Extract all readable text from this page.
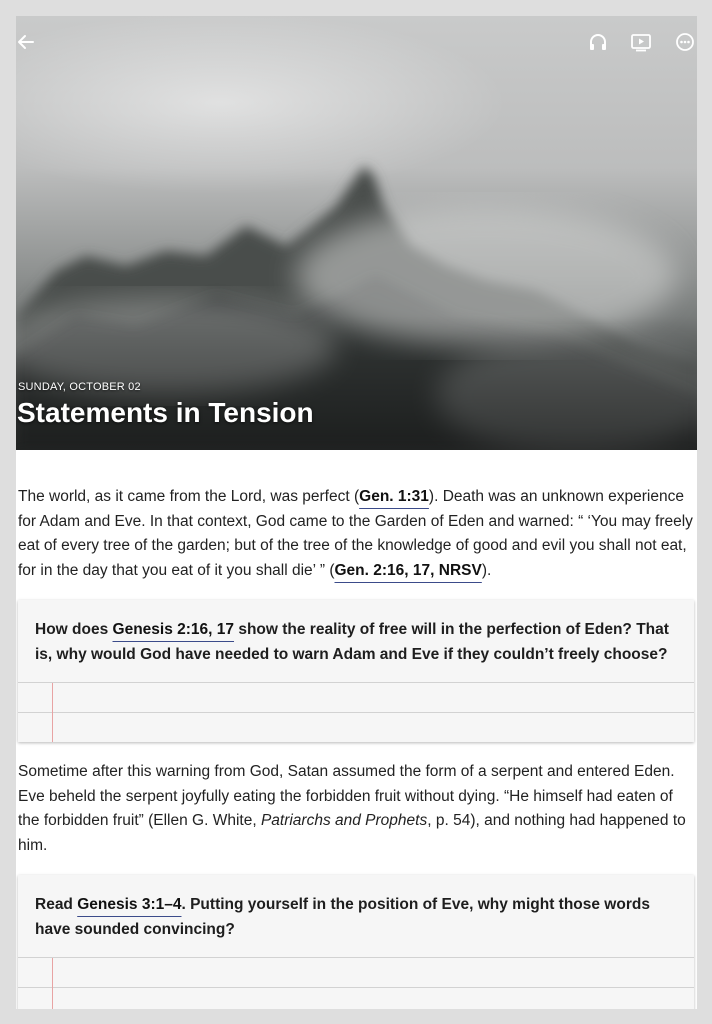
SUNDAY, OCTOBER 02
Statements in Tension

The world, as it came from the Lord, was perfect (Gen. 1:31). Death was an unknown experience for Adam and Eve. In that context, God came to the Garden of Eden and warned: “ ‘You may freely eat of every tree of the garden; but of the tree of the knowledge of good and evil you shall not eat, for in the day that you eat of it you shall die’ ” (Gen. 2:16, 17, NRSV).

How does Genesis 2:16, 17 show the reality of free will in the perfection of Eden? That is, why would God have needed to warn Adam and Eve if they couldn’t freely choose?

Sometime after this warning from God, Satan assumed the form of a serpent and entered Eden. Eve beheld the serpent joyfully eating the forbidden fruit without dying. “He himself had eaten of the forbidden fruit” (Ellen G. White, Patriarchs and Prophets, p. 54), and nothing had happened to him.

Read Genesis 3:1–4. Putting yourself in the position of Eve, why might those words have sounded convincing?
